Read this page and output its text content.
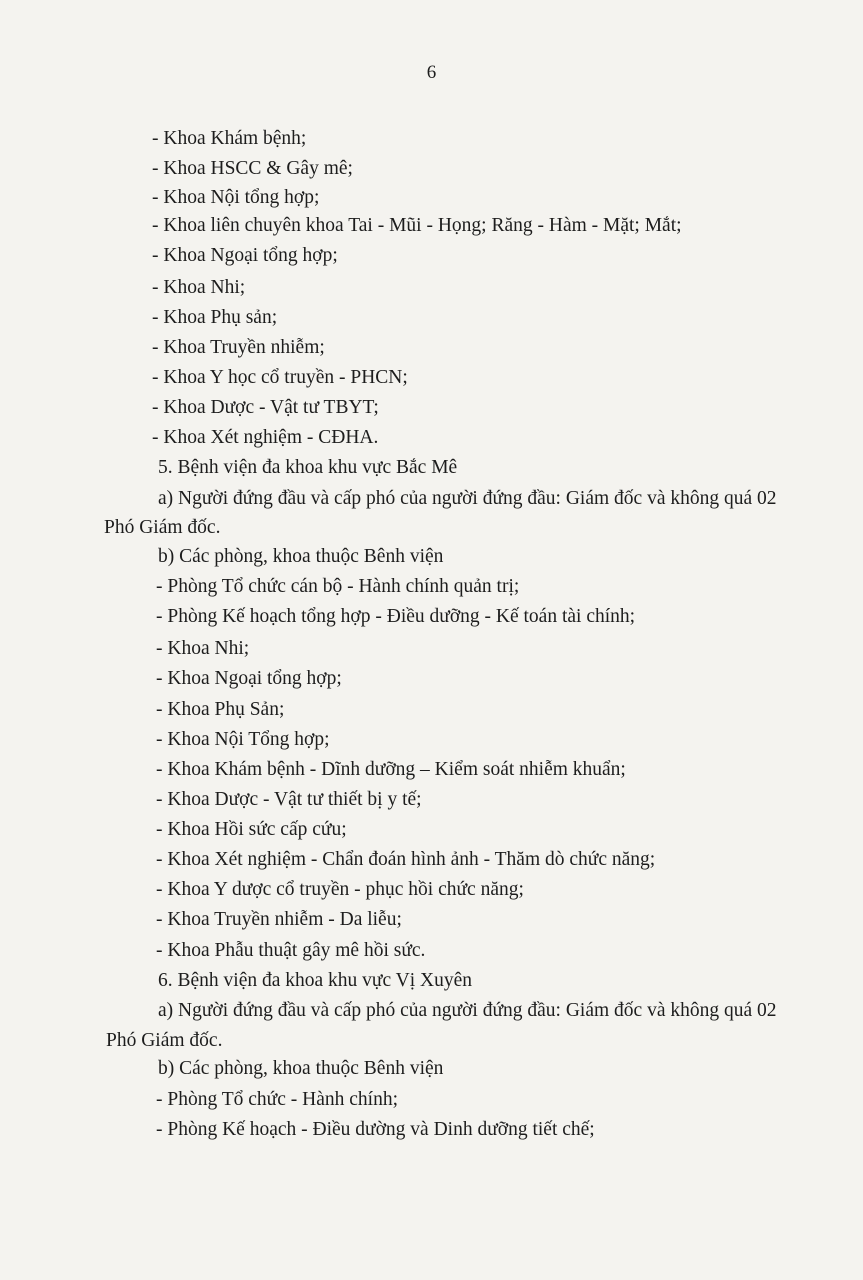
6
- Khoa Khám bệnh;
- Khoa HSCC & Gây mê;
- Khoa Nội tổng hợp;
- Khoa liên chuyên khoa Tai - Mũi - Họng; Răng - Hàm - Mặt; Mắt;
- Khoa Ngoại tổng hợp;
- Khoa Nhi;
- Khoa Phụ sản;
- Khoa Truyền nhiễm;
- Khoa Y học cổ truyền - PHCN;
- Khoa Dược - Vật tư TBYT;
- Khoa Xét nghiệm - CĐHA.
5. Bệnh viện đa khoa khu vực Bắc Mê
a) Người đứng đầu và cấp phó của người đứng đầu: Giám đốc và không quá 02
Phó Giám đốc.
b) Các phòng, khoa thuộc Bênh viện
- Phòng Tổ chức cán bộ - Hành chính quản trị;
- Phòng Kế hoạch tổng hợp - Điều dưỡng - Kế toán tài chính;
- Khoa Nhi;
- Khoa Ngoại tổng hợp;
- Khoa Phụ Sản;
- Khoa Nội Tổng hợp;
- Khoa Khám bệnh - Dĩnh dưỡng – Kiểm soát nhiễm khuẩn;
- Khoa Dược - Vật tư thiết bị y tế;
- Khoa Hồi sức cấp cứu;
- Khoa Xét nghiệm - Chẩn đoán hình ảnh - Thăm dò chức năng;
- Khoa Y dược cổ truyền - phục hồi chức năng;
- Khoa Truyền nhiễm - Da liễu;
- Khoa Phẫu thuật gây mê hồi sức.
6. Bệnh viện đa khoa khu vực Vị Xuyên
a) Người đứng đầu và cấp phó của người đứng đầu: Giám đốc và không quá 02
Phó Giám đốc.
b) Các phòng, khoa thuộc Bênh viện
- Phòng Tổ chức - Hành chính;
- Phòng Kế hoạch - Điều dường và Dinh dưỡng tiết chế;
